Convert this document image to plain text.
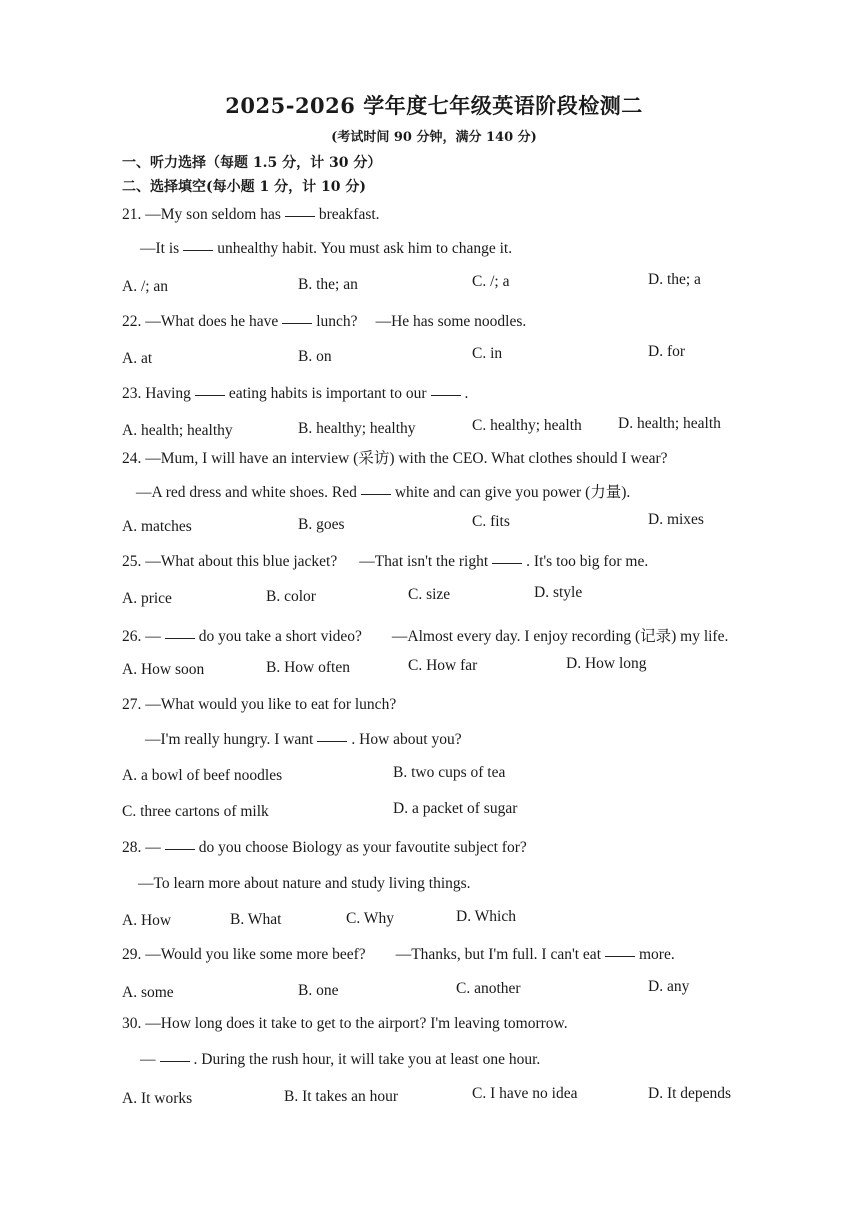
2025-2026 学年度七年级英语阶段检测二
(考试时间 90 分钟，满分 140 分)
一、听力选择（每题 1.5 分，计 30 分）
二、选择填空(每小题 1 分，计 10 分)
21. —My son seldom has breakfast.
—It is unhealthy habit. You must ask him to change it.
A. /; an	B. the; an	C. /; a	D. the; a
22. —What does he have lunch? —He has some noodles.
A. at	B. on	C. in	D. for
23. Having eating habits is important to our .
A. health; healthy	B. healthy; healthy	C. healthy; health D. health; health
24. —Mum, I will have an interview (采访) with the CEO. What clothes should I wear?
—A red dress and white shoes. Red white and can give you power (力量).
A. matches	B. goes	C. fits	D. mixes
25. —What about this blue jacket? —That isn't the right . It's too big for me.
A. price	B. color	C. size	D. style
26. — do you take a short video? —Almost every day. I enjoy recording (记录) my life.
A. How soon	B. How often	C. How far	D. How long
27. —What would you like to eat for lunch?
—I'm really hungry. I want . How about you?
A. a bowl of beef noodles	B. two cups of tea
C. three cartons of milk	D. a packet of sugar
28. — do you choose Biology as your favoutite subject for?
—To learn more about nature and study living things.
A. How	B. What	C. Why	D. Which
29. —Would you like some more beef? —Thanks, but I'm full. I can't eat more.
A. some	B. one	C. another	D. any
30. —How long does it take to get to the airport? I'm leaving tomorrow.
— . During the rush hour, it will take you at least one hour.
A. It works	B. It takes an hour	C. I have no idea	D. It depends
